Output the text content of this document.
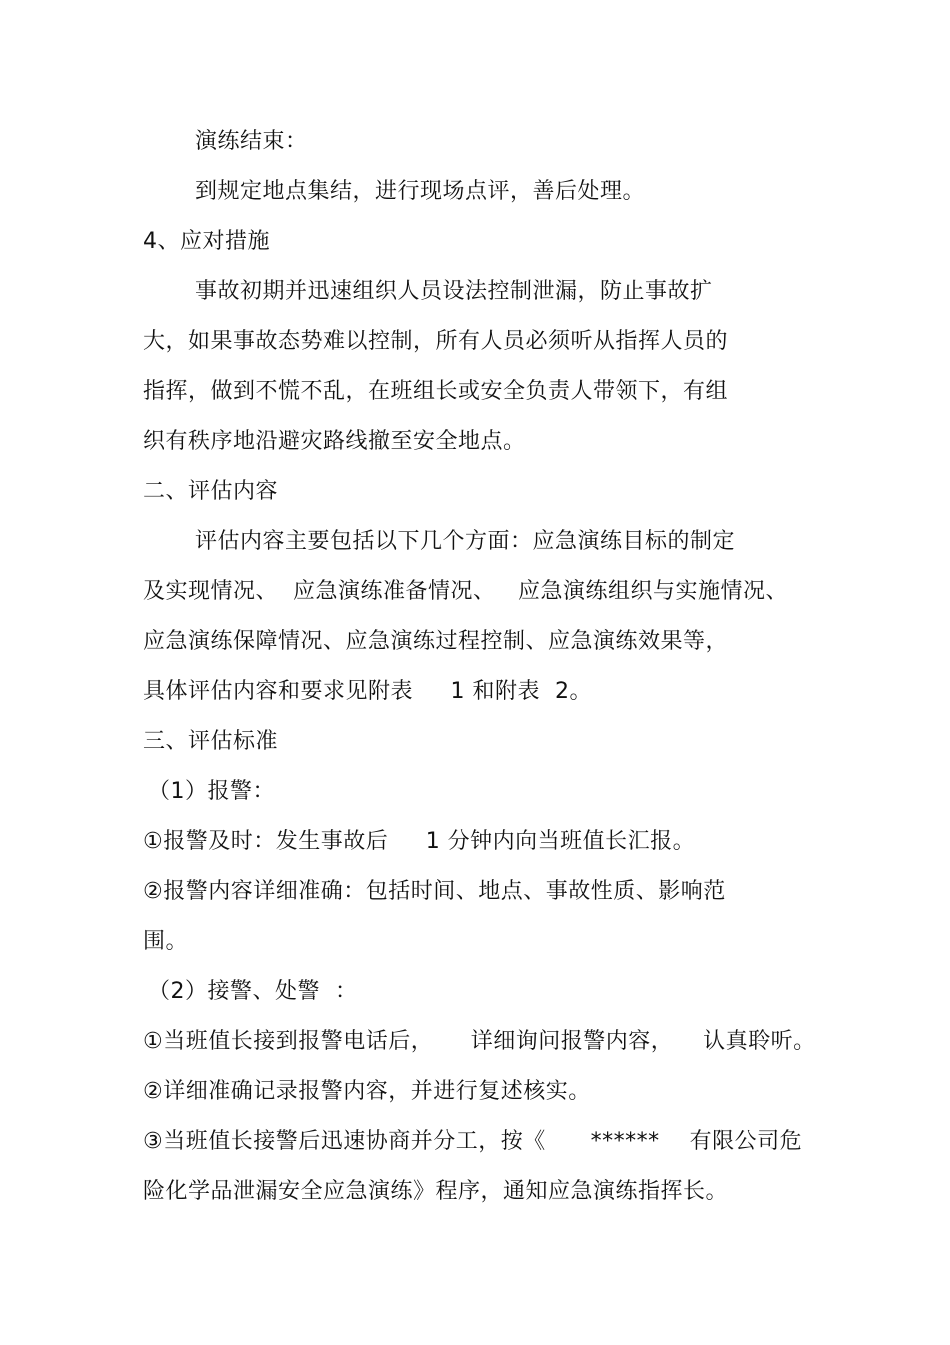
演练结束：
到规定地点集结，进行现场点评，善后处理。
4、应对措施
事故初期并迅速组织人员设法控制泄漏，防止事故扩
大，如果事故态势难以控制，所有人员必须听从指挥人员的
指挥，做到不慌不乱，在班组长或安全负责人带领下，有组
织有秩序地沿避灾路线撤至安全地点。
二、评估内容
评估内容主要包括以下几个方面：应急演练目标的制定
及实现情况、  应急演练准备情况、   应急演练组织与实施情况、
应急演练保障情况、应急演练过程控制、应急演练效果等，
具体评估内容和要求见附表     1 和附表  2。
三、评估标准
（1）报警：
①报警及时：发生事故后     1 分钟内向当班值长汇报。
②报警内容详细准确：包括时间、地点、事故性质、影响范
围。
（2）接警、处警  ：
①当班值长接到报警电话后，     详细询问报警内容，    认真聆听。
②详细准确记录报警内容，并进行复述核实。
③当班值长接警后迅速协商并分工，按《      ******    有限公司危
险化学品泄漏安全应急演练》程序，通知应急演练指挥长。
